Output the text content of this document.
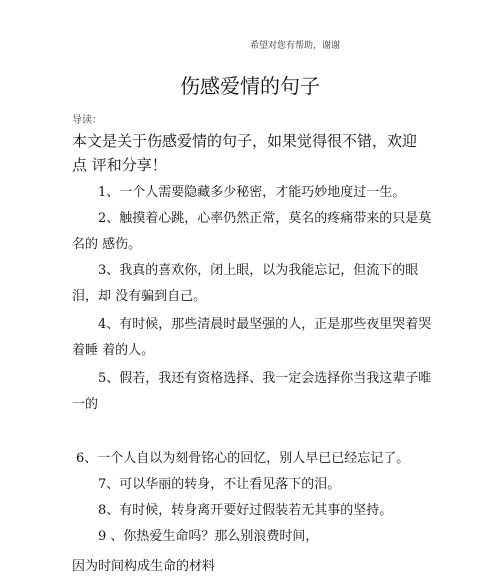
希望对您有帮助，谢谢
伤感爱情的句子
导读：
本文是关于伤感爱情的句子，如果觉得很不错，欢迎点 评和分享！
1、一个人需要隐藏多少秘密，才能巧妙地度过一生。
2、触摸着心跳，心率仍然正常，莫名的疼痛带来的只是莫名的 感伤。
3、我真的喜欢你，闭上眼，以为我能忘记，但流下的眼泪，却 没有骗到自己。
4、有时候，那些清晨时最坚强的人，正是那些夜里哭着哭着睡 着的人。
5、假若，我还有资格选择、我一定会选择你当我这辈子唯一的
6、一个人自以为刻骨铭心的回忆，别人早已已经忘记了。
7、可以华丽的转身，不让看见落下的泪。
8、有时候，转身离开要好过假装若无其事的坚持。
9 、你热爱生命吗？那么别浪费时间，
因为时间构成生命的材料
